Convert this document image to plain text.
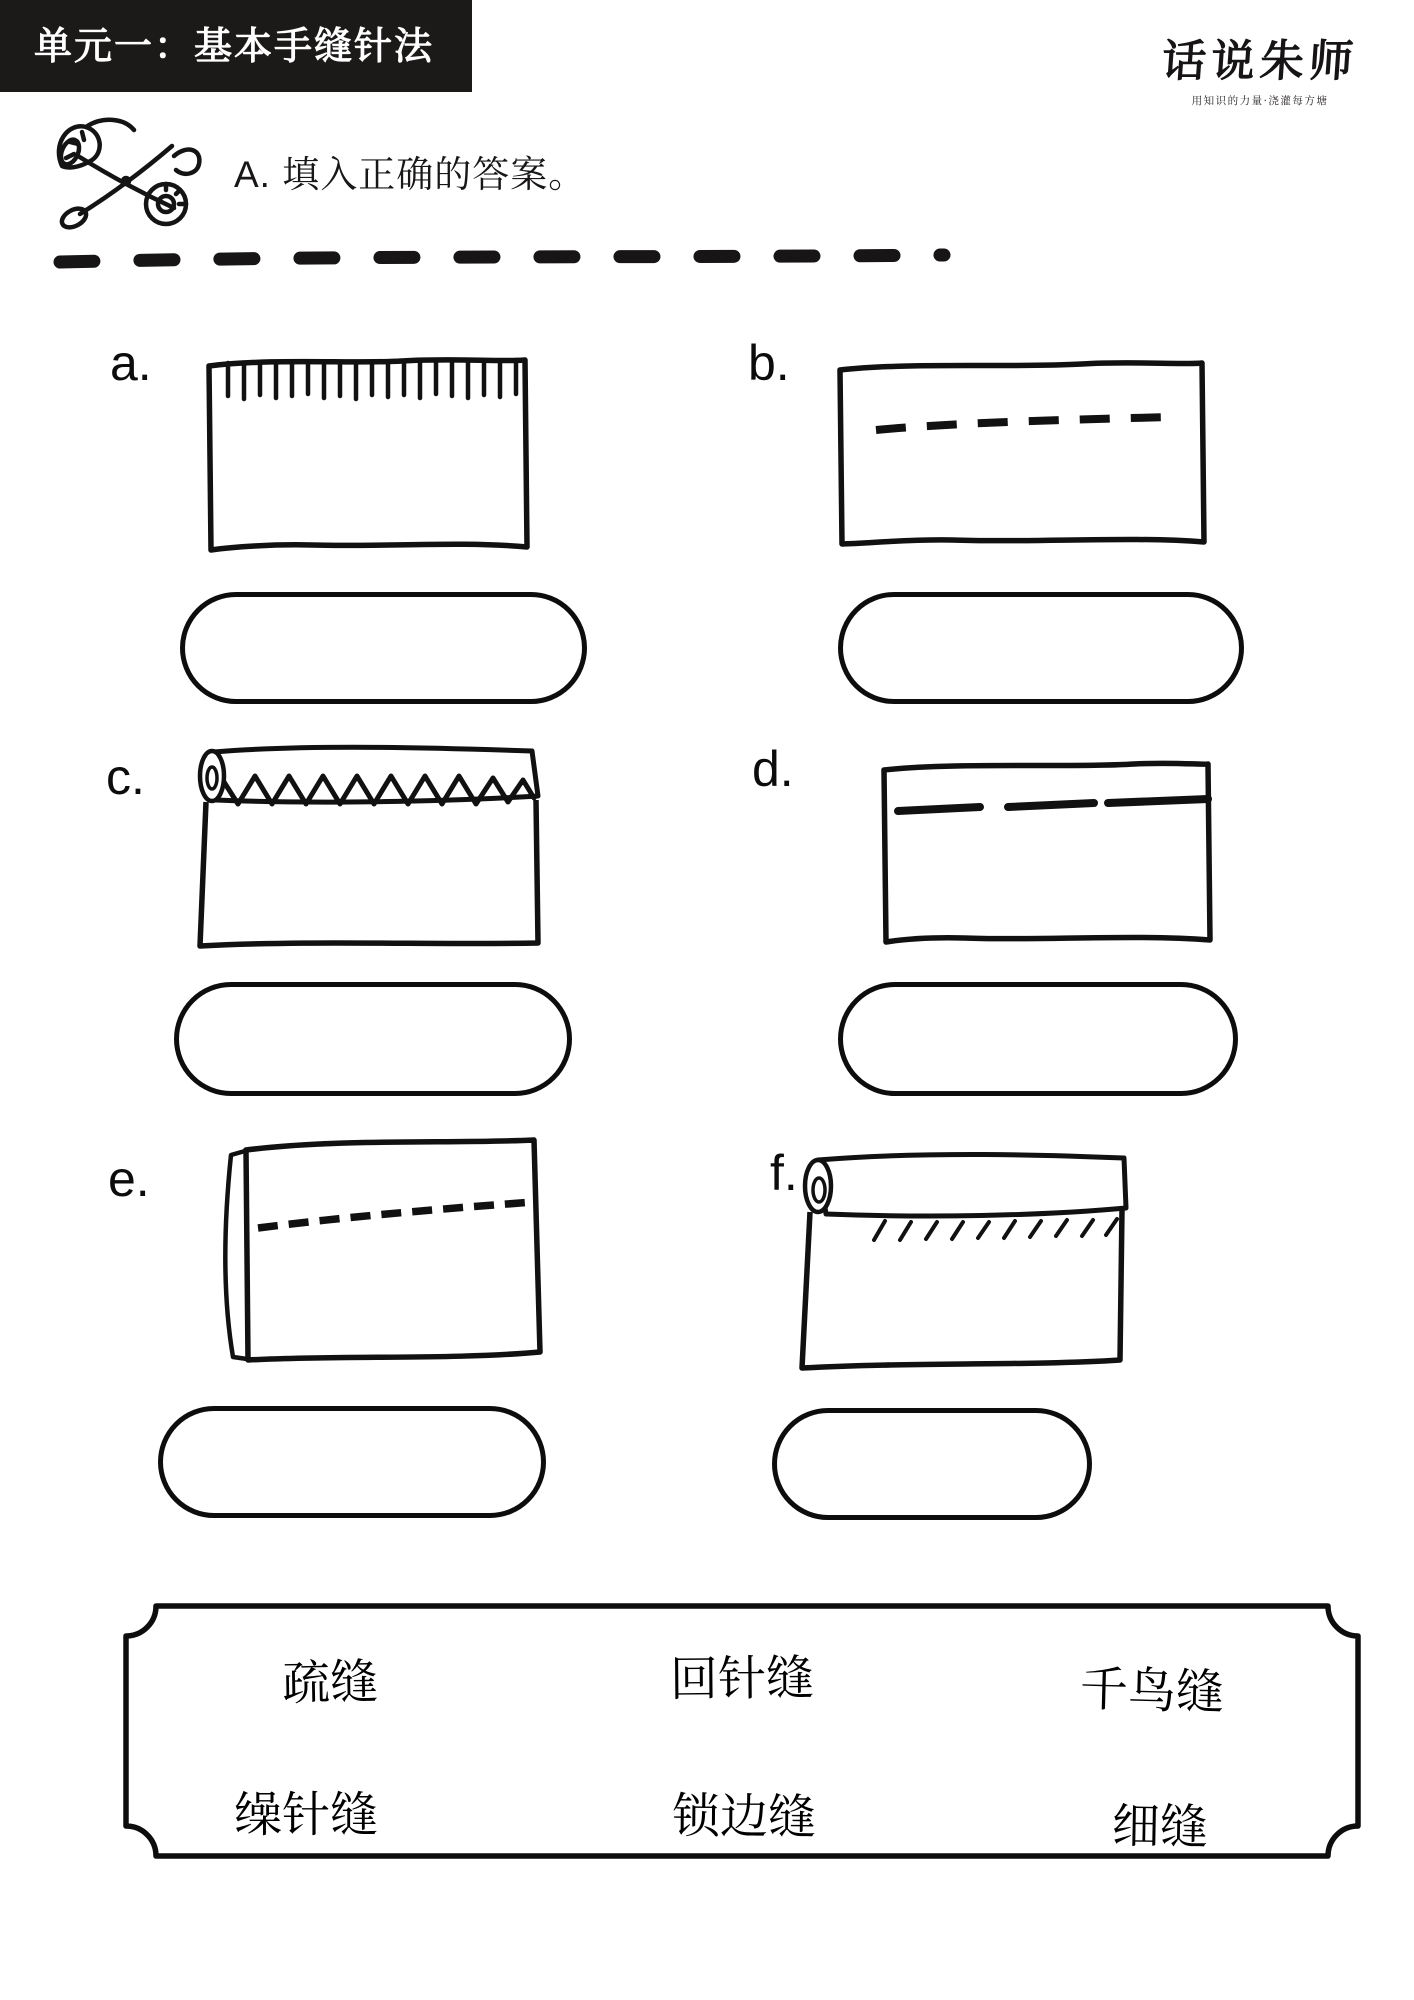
单元一：基本手缝针法	话说朱师
用知识的力量·浇灌每方塘
A. 填入正确的答案。
a.	b.
c.	d.
e.	f.
疏缝	回针缝	千鸟缝
缲针缝	锁边缝	细缝
